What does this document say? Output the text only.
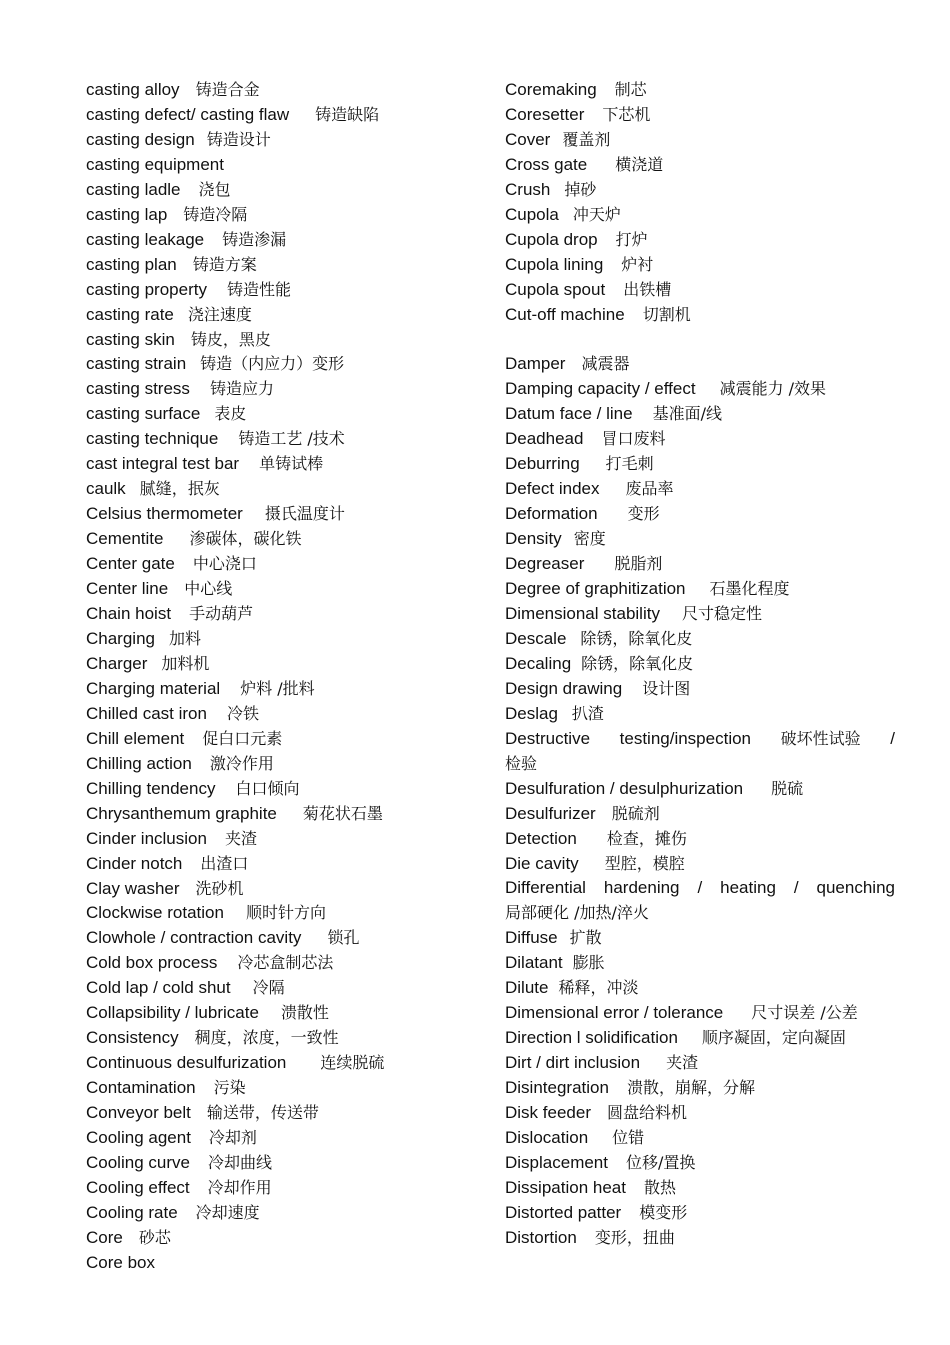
casting alloy 铸造合金
casting defect/ casting flaw 铸造缺陷
casting design 铸造设计
casting equipment
casting ladle 浇包
casting lap 铸造冷隔
casting leakage 铸造渗漏
casting plan 铸造方案
casting property 铸造性能
casting rate 浇注速度
casting skin 铸皮，黑皮
casting strain 铸造（内应力）变形
casting stress 铸造应力
casting surface 表皮
casting technique 铸造工艺 /技术
cast integral test bar 单铸试棒
caulk 腻缝，抿灰
Celsius thermometer 摄氏温度计
Cementite 渗碳体，碳化铁
Center gate 中心浇口
Center line 中心线
Chain hoist 手动葫芦
Charging 加料
Charger 加料机
Charging material 炉料 /批料
Chilled cast iron 冷铁
Chill element 促白口元素
Chilling action 激冷作用
Chilling tendency 白口倾向
Chrysanthemum graphite 菊花状石墨
Cinder inclusion 夹渣
Cinder notch 出渣口
Clay washer 洗砂机
Clockwise rotation 顺时针方向
Clowhole / contraction cavity 锁孔
Cold box process 冷芯盒制芯法
Cold lap / cold shut 冷隔
Collapsibility / lubricate 溃散性
Consistency 稠度，浓度，一致性
Continuous desulfurization 连续脱硫
Contamination 污染
Conveyor belt 输送带，传送带
Cooling agent 冷却剂
Cooling curve 冷却曲线
Cooling effect 冷却作用
Cooling rate 冷却速度
Core 砂芯
Core box
Coremaking 制芯
Coresetter 下芯机
Cover 覆盖剂
Cross gate 横浇道
Crush 掉砂
Cupola 冲天炉
Cupola drop 打炉
Cupola lining 炉衬
Cupola spout 出铁槽
Cut-off machine 切割机
Damper 减震器
Damping capacity / effect 减震能力 /效果
Datum face / line 基准面/线
Deadhead 冒口废料
Deburring 打毛刺
Defect index 废品率
Deformation 变形
Density 密度
Degreaser 脱脂剂
Degree of graphitization 石墨化程度
Dimensional stability 尺寸稳定性
Descale 除锈，除氧化皮
Decaling 除锈，除氧化皮
Design drawing 设计图
Deslag 扒渣
Destructive testing/inspection 破坏性试验 /
检验
Desulfuration / desulphurization 脱硫
Desulfurizer 脱硫剂
Detection 检查，摊伤
Die cavity 型腔，模腔
Differential hardening / heating / quenching
局部硬化 /加热/淬火
Diffuse 扩散
Dilatant 膨胀
Dilute 稀释，冲淡
Dimensional error / tolerance 尺寸误差 /公差
Direction l solidification 顺序凝固，定向凝固
Dirt / dirt inclusion 夹渣
Disintegration 溃散，崩解，分解
Disk feeder 圆盘给料机
Dislocation 位错
Displacement 位移/置换
Dissipation heat 散热
Distorted patter 模变形
Distortion 变形，扭曲
